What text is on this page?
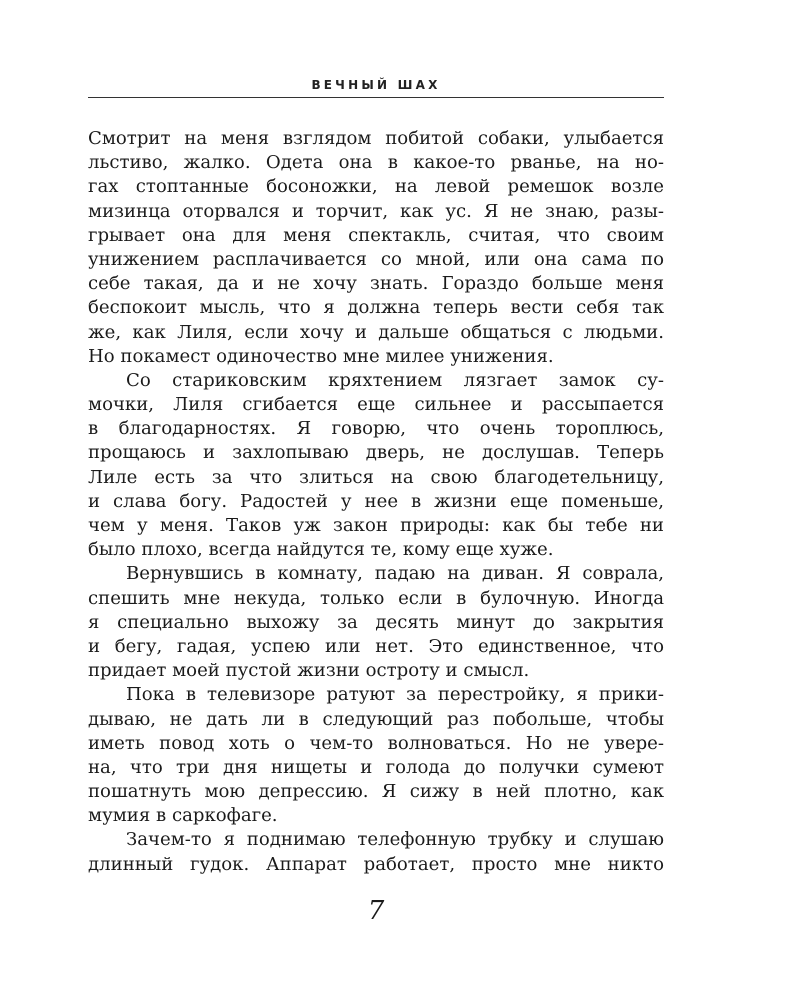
ВЕЧНЫЙ ШАХ
Смотрит на меня взглядом побитой собаки, улыбается
льстиво, жалко. Одета она в какое-то рванье, на но-
гах стоптанные босоножки, на левой ремешок возле
мизинца оторвался и торчит, как ус. Я не знаю, разы-
грывает она для меня спектакль, считая, что своим
унижением расплачивается со мной, или она сама по
себе такая, да и не хочу знать. Гораздо больше меня
беспокоит мысль, что я должна теперь вести себя так
же, как Лиля, если хочу и дальше общаться с людьми.
Но покамест одиночество мне милее унижения.
Со стариковским кряхтением лязгает замок су-
мочки, Лиля сгибается еще сильнее и рассыпается
в благодарностях. Я говорю, что очень тороплюсь,
прощаюсь и захлопываю дверь, не дослушав. Теперь
Лиле есть за что злиться на свою благодетельницу,
и слава богу. Радостей у нее в жизни еще поменьше,
чем у меня. Таков уж закон природы: как бы тебе ни
было плохо, всегда найдутся те, кому еще хуже.
Вернувшись в комнату, падаю на диван. Я соврала,
спешить мне некуда, только если в булочную. Иногда
я специально выхожу за десять минут до закрытия
и бегу, гадая, успею или нет. Это единственное, что
придает моей пустой жизни остроту и смысл.
Пока в телевизоре ратуют за перестройку, я прики-
дываю, не дать ли в следующий раз побольше, чтобы
иметь повод хоть о чем-то волноваться. Но не увере-
на, что три дня нищеты и голода до получки сумеют
пошатнуть мою депрессию. Я сижу в ней плотно, как
мумия в саркофаге.
Зачем-то я поднимаю телефонную трубку и слушаю
длинный гудок. Аппарат работает, просто мне никто
7
